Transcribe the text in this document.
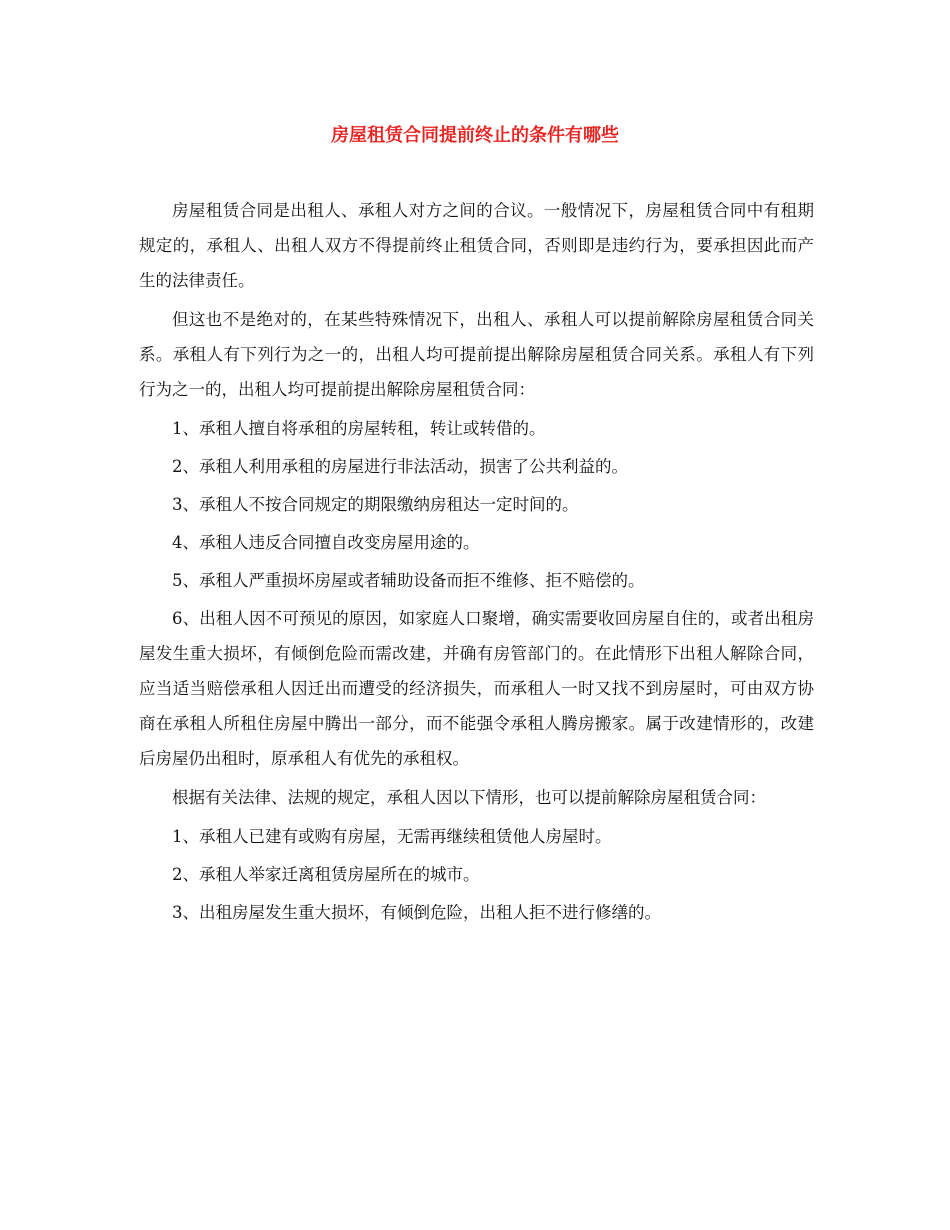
房屋租赁合同提前终止的条件有哪些

房屋租赁合同是出租人、承租人对方之间的合议。一般情况下，房屋租赁合同中有租期规定的，承租人、出租人双方不得提前终止租赁合同，否则即是违约行为，要承担因此而产生的法律责任。

但这也不是绝对的，在某些特殊情况下，出租人、承租人可以提前解除房屋租赁合同关系。承租人有下列行为之一的，出租人均可提前提出解除房屋租赁合同关系。承租人有下列行为之一的，出租人均可提前提出解除房屋租赁合同：

1、承租人擅自将承租的房屋转租，转让或转借的。

2、承租人利用承租的房屋进行非法活动，损害了公共利益的。

3、承租人不按合同规定的期限缴纳房租达一定时间的。

4、承租人违反合同擅自改变房屋用途的。

5、承租人严重损坏房屋或者辅助设备而拒不维修、拒不赔偿的。

6、出租人因不可预见的原因，如家庭人口聚增，确实需要收回房屋自住的，或者出租房屋发生重大损坏，有倾倒危险而需改建，并确有房管部门的。在此情形下出租人解除合同，应当适当赔偿承租人因迁出而遭受的经济损失，而承租人一时又找不到房屋时，可由双方协商在承租人所租住房屋中腾出一部分，而不能强令承租人腾房搬家。属于改建情形的，改建后房屋仍出租时，原承租人有优先的承租权。

根据有关法律、法规的规定，承租人因以下情形，也可以提前解除房屋租赁合同：

1、承租人已建有或购有房屋，无需再继续租赁他人房屋时。

2、承租人举家迁离租赁房屋所在的城市。

3、出租房屋发生重大损坏，有倾倒危险，出租人拒不进行修缮的。
